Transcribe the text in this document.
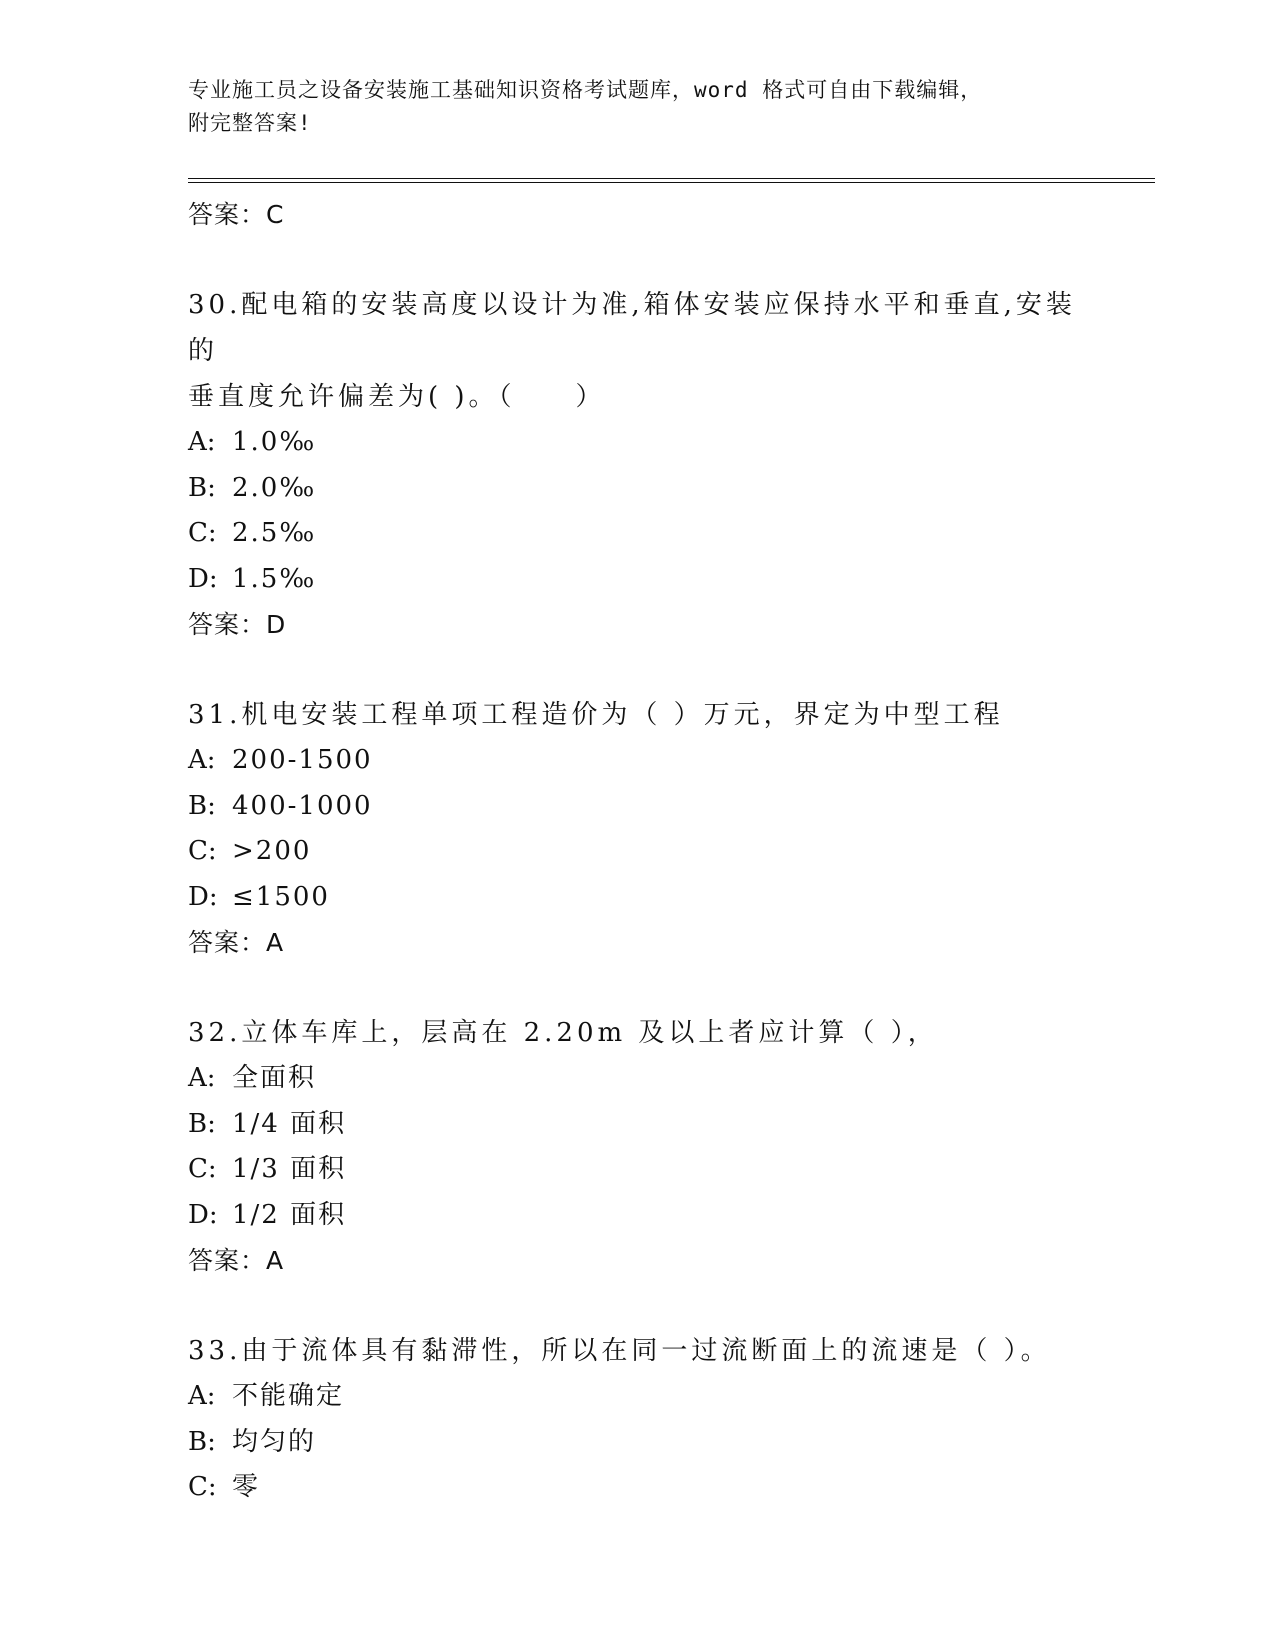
专业施工员之设备安装施工基础知识资格考试题库，word 格式可自由下载编辑，
附完整答案!
答案：C
30.配电箱的安装高度以设计为准,箱体安装应保持水平和垂直,安装的
垂直度允许偏差为( )。（　　）
A: 1.0‰
B: 2.0‰
C: 2.5‰
D: 1.5‰
答案：D
31.机电安装工程单项工程造价为（ ）万元，界定为中型工程
A: 200-1500
B: 400-1000
C: >200
D: ≤1500
答案：A
32.立体车库上，层高在 2.20m 及以上者应计算（ ），
A: 全面积
B: 1/4 面积
C: 1/3 面积
D: 1/2 面积
答案：A
33.由于流体具有黏滞性，所以在同一过流断面上的流速是（ ）。
A: 不能确定
B: 均匀的
C: 零
